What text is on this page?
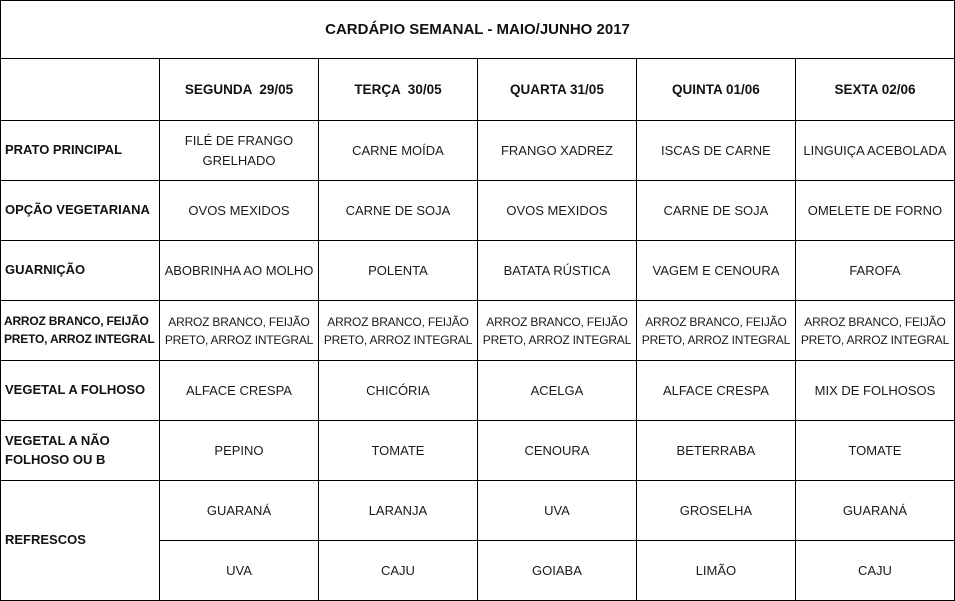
CARDÁPIO SEMANAL - MAIO/JUNHO 2017					
	SEGUNDA  29/05	TERÇA  30/05	QUARTA 31/05	QUINTA 01/06	SEXTA 02/06
PRATO PRINCIPAL	FILÉ DE FRANGO GRELHADO	CARNE MOÍDA	FRANGO XADREZ	ISCAS DE CARNE	LINGUIÇA ACEBOLADA
OPÇÃO VEGETARIANA	OVOS MEXIDOS	CARNE DE SOJA	OVOS MEXIDOS	CARNE DE SOJA	OMELETE DE FORNO
GUARNIÇÃO	ABOBRINHA AO MOLHO	POLENTA	BATATA RÚSTICA	VAGEM E CENOURA	FAROFA
ARROZ BRANCO, FEIJÃO PRETO, ARROZ INTEGRAL	ARROZ BRANCO, FEIJÃO PRETO, ARROZ INTEGRAL	ARROZ BRANCO, FEIJÃO PRETO, ARROZ INTEGRAL	ARROZ BRANCO, FEIJÃO PRETO, ARROZ INTEGRAL	ARROZ BRANCO, FEIJÃO PRETO, ARROZ INTEGRAL	ARROZ BRANCO, FEIJÃO PRETO, ARROZ INTEGRAL
VEGETAL A FOLHOSO	ALFACE CRESPA	CHICÓRIA	ACELGA	ALFACE CRESPA	MIX DE FOLHOSOS
VEGETAL A NÃO FOLHOSO OU B	PEPINO	TOMATE	CENOURA	BETERRABA	TOMATE
REFRESCOS	GUARANÁ	LARANJA	UVA	GROSELHA	GUARANÁ
	UVA	CAJU	GOIABA	LIMÃO	CAJU
